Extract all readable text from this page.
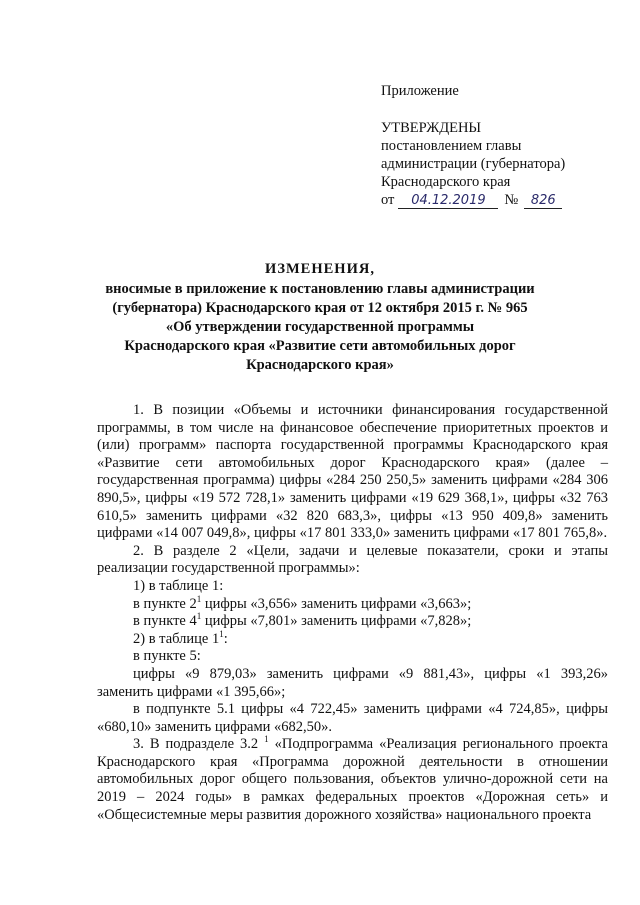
Приложение
УТВЕРЖДЕНЫ
постановлением главы
администрации (губернатора)
Краснодарского края
от 04.12.2019 № 826
ИЗМЕНЕНИЯ,
вносимые в приложение к постановлению главы администрации
(губернатора) Краснодарского края от 12 октября 2015 г. № 965
«Об утверждении государственной программы
Краснодарского края «Развитие сети автомобильных дорог
Краснодарского края»

1. В позиции «Объемы и источники финансирования государственной программы, в том числе на финансовое обеспечение приоритетных проектов и (или) программ» паспорта государственной программы Краснодарского края «Развитие сети автомобильных дорог Краснодарского края» (далее – государственная программа) цифры «284 250 250,5» заменить цифрами «284 306 890,5», цифры «19 572 728,1» заменить цифрами «19 629 368,1», цифры «32 763 610,5» заменить цифрами «32 820 683,3», цифры «13 950 409,8» заменить цифрами «14 007 049,8», цифры «17 801 333,0» заменить цифрами «17 801 765,8».

2. В разделе 2 «Цели, задачи и целевые показатели, сроки и этапы реализации государственной программы»:

1) в таблице 1:

в пункте $2^1$ цифры «3,656» заменить цифрами «3,663»;

в пункте $4^1$ цифры «7,801» заменить цифрами «7,828»;

2) в таблице $1^1$:

в пункте 5:

цифры «9 879,03» заменить цифрами «9 881,43», цифры «1 393,26» заменить цифрами «1 395,66»;

в подпункте 5.1 цифры «4 722,45» заменить цифрами «4 724,85», цифры «680,10» заменить цифрами «682,50».

3. В подразделе 3.2 $^1$ «Подпрограмма «Реализация регионального проекта Краснодарского края «Программа дорожной деятельности в отношении автомобильных дорог общего пользования, объектов улично-дорожной сети на 2019 – 2024 годы» в рамках федеральных проектов «Дорожная сеть» и «Общесистемные меры развития дорожного хозяйства» национального проекта
